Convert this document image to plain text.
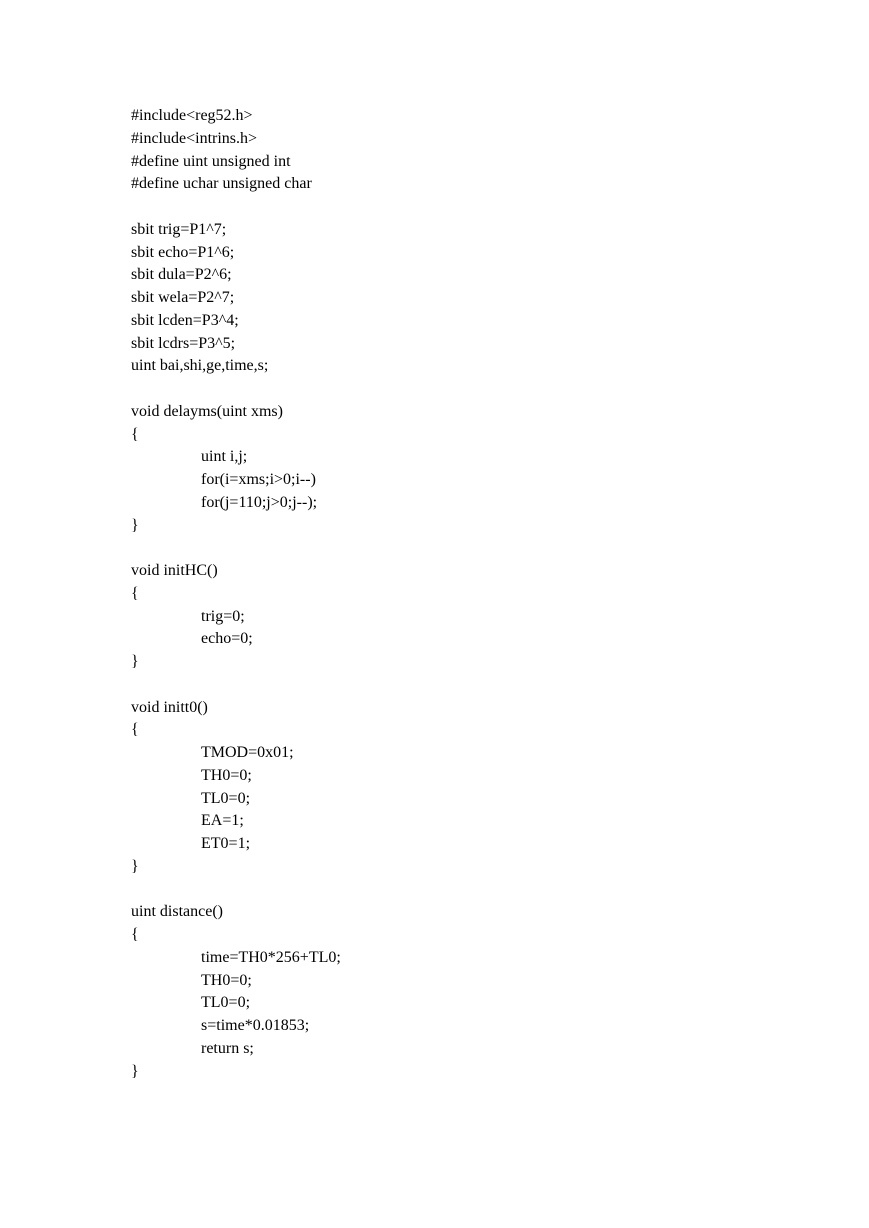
#include<reg52.h>
#include<intrins.h>
#define uint unsigned int
#define uchar unsigned char
sbit trig=P1^7;
sbit echo=P1^6;
sbit dula=P2^6;
sbit wela=P2^7;
sbit lcden=P3^4;
sbit lcdrs=P3^5;
uint bai,shi,ge,time,s;
void delayms(uint xms)
{
uint i,j;
for(i=xms;i>0;i--)
for(j=110;j>0;j--);
}
void initHC()
{
trig=0;
echo=0;
}
void initt0()
{
TMOD=0x01;
TH0=0;
TL0=0;
EA=1;
ET0=1;
}
uint distance()
{
time=TH0*256+TL0;
TH0=0;
TL0=0;
s=time*0.01853;
return s;
}
